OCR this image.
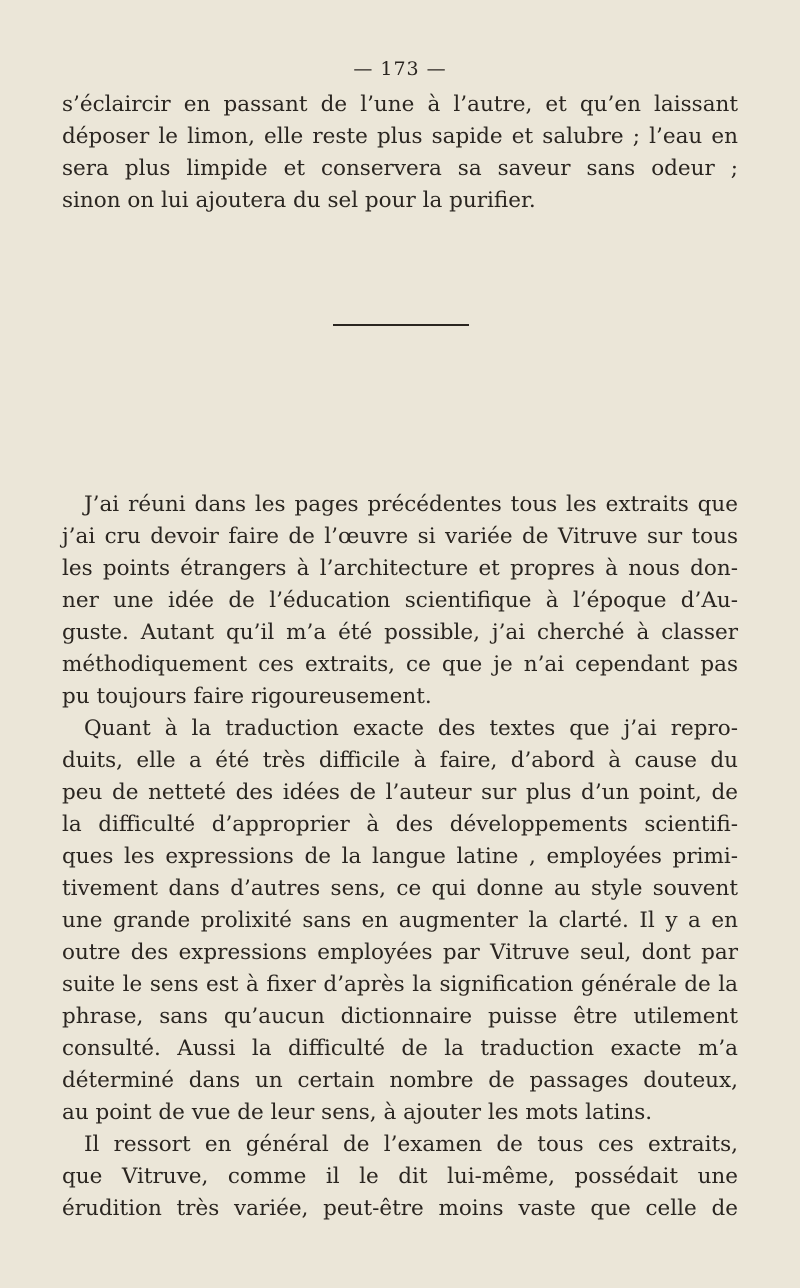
— 173 —
s’éclaircir en passant de l’une à l’autre, et qu’en laissant
déposer le limon, elle reste plus sapide et salubre ; l’eau en
sera plus limpide et conservera sa saveur sans odeur ;
sinon on lui ajoutera du sel pour la purifier.
J’ai réuni dans les pages précédentes tous les extraits que
j’ai cru devoir faire de l’œuvre si variée de Vitruve sur tous
les points étrangers à l’architecture et propres à nous don-
ner une idée de l’éducation scientifique à l’époque d’Au-
guste. Autant qu’il m’a été possible, j’ai cherché à classer
méthodiquement ces extraits, ce que je n’ai cependant pas
pu toujours faire rigoureusement.
Quant à la traduction exacte des textes que j’ai repro-
duits, elle a été très difficile à faire, d’abord à cause du
peu de netteté des idées de l’auteur sur plus d’un point, de
la difficulté d’approprier à des développements scientifi-
ques les expressions de la langue latine , employées primi-
tivement dans d’autres sens, ce qui donne au style souvent
une grande prolixité sans en augmenter la clarté. Il y a en
outre des expressions employées par Vitruve seul, dont par
suite le sens est à fixer d’après la signification générale de la
phrase, sans qu’aucun dictionnaire puisse être utilement
consulté. Aussi la difficulté de la traduction exacte m’a
déterminé dans un certain nombre de passages douteux,
au point de vue de leur sens, à ajouter les mots latins.
Il ressort en général de l’examen de tous ces extraits,
que Vitruve, comme il le dit lui-même, possédait une
érudition très variée, peut-être moins vaste que celle de
